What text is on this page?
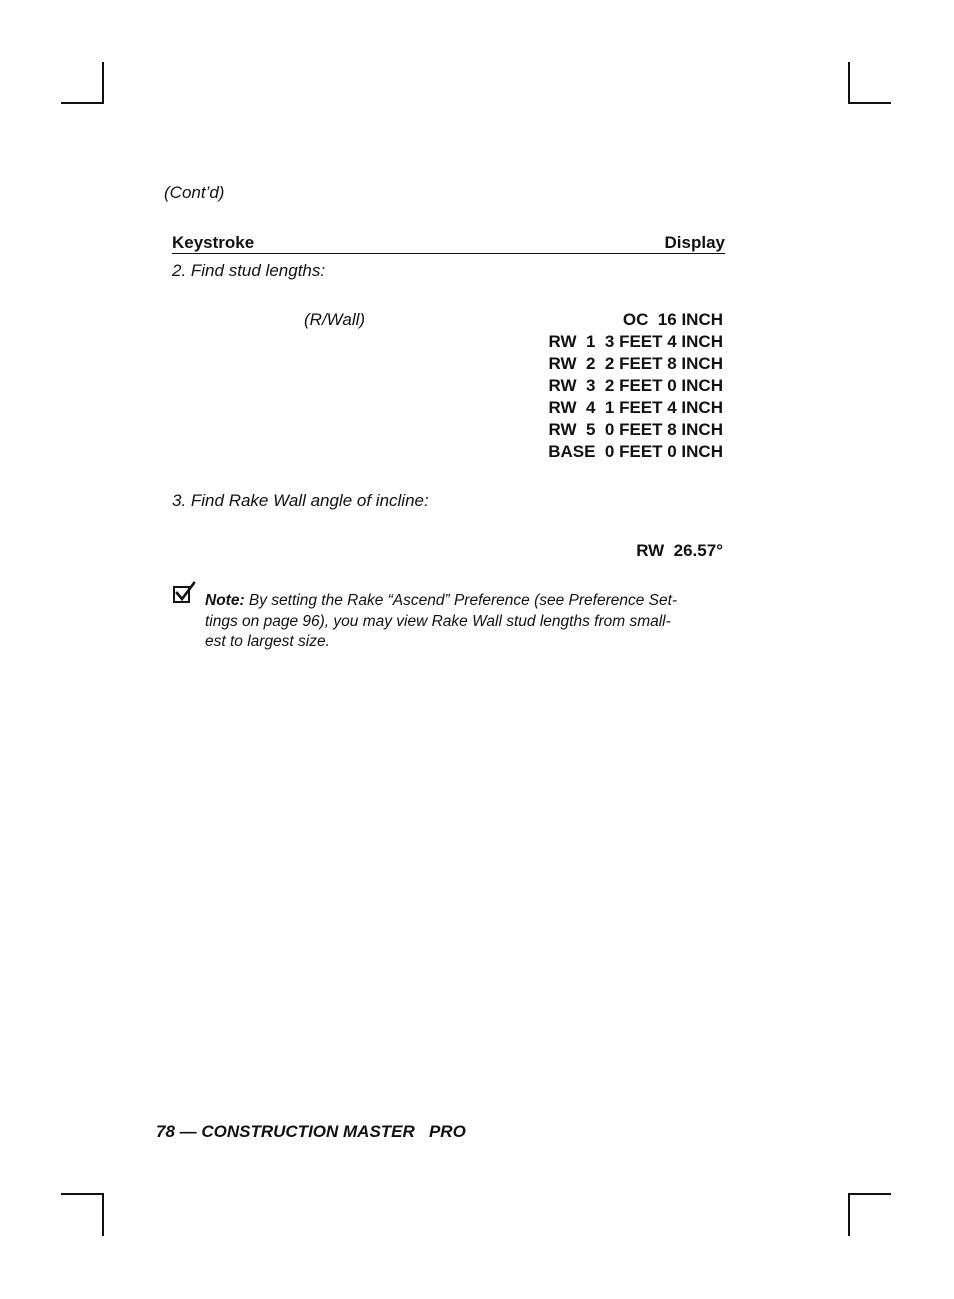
(Cont’d)
Keystroke	Display
2. Find stud lengths:
(R/Wall)	OC  16 INCH
RW  1  3 FEET 4 INCH
RW  2  2 FEET 8 INCH
RW  3  2 FEET 0 INCH
RW  4  1 FEET 4 INCH
RW  5  0 FEET 8 INCH
BASE  0 FEET 0 INCH
3. Find Rake Wall angle of incline:
RW  26.57°
Note: By setting the Rake “Ascend” Preference (see Preference Set-
tings on page 96), you may view Rake Wall stud lengths from small-
est to largest size.
78 — CONSTRUCTION MASTER   PRO
